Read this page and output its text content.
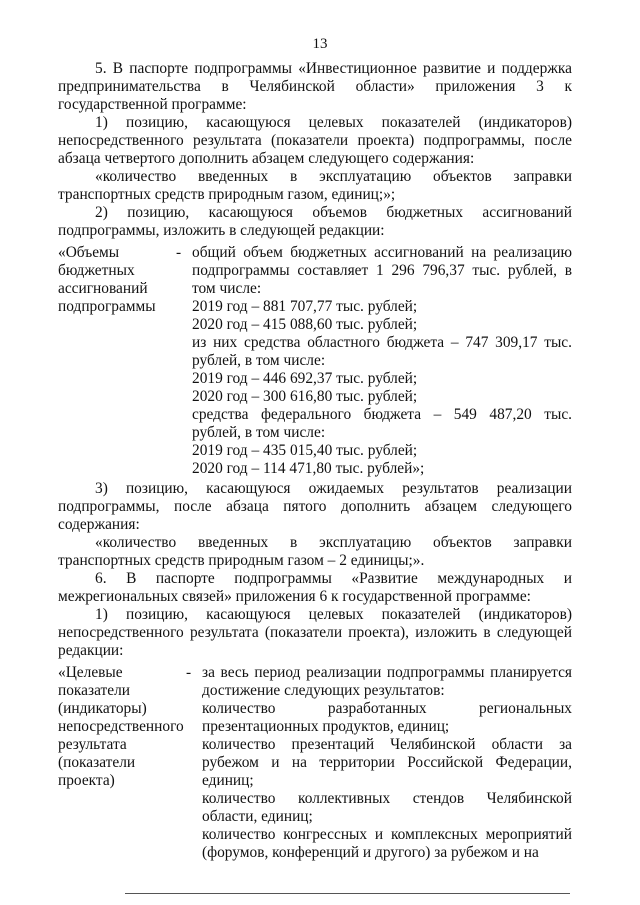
13

5. В паспорте подпрограммы «Инвестиционное развитие и поддержка предпринимательства в Челябинской области» приложения 3 к государственной программе:

1) позицию, касающуюся целевых показателей (индикаторов) непосредственного результата (показатели проекта) подпрограммы, после абзаца четвертого дополнить абзацем следующего содержания:

«количество введенных в эксплуатацию объектов заправки транспортных средств природным газом, единиц;»;

2) позицию, касающуюся объемов бюджетных ассигнований подпрограммы, изложить в следующей редакции:

«Объемы бюджетных ассигнований подпрограммы
- общий объем бюджетных ассигнований на реализацию подпрограммы составляет 1 296 796,37 тыс. рублей, в том числе:
2019 год – 881 707,77 тыс. рублей;
2020 год – 415 088,60 тыс. рублей;
из них средства областного бюджета – 747 309,17 тыс. рублей, в том числе:
2019 год – 446 692,37 тыс. рублей;
2020 год – 300 616,80 тыс. рублей;
средства федерального бюджета – 549 487,20 тыс. рублей, в том числе:
2019 год – 435 015,40 тыс. рублей;
2020 год – 114 471,80 тыс. рублей»;

3) позицию, касающуюся ожидаемых результатов реализации подпрограммы, после абзаца пятого дополнить абзацем следующего содержания:

«количество введенных в эксплуатацию объектов заправки транспортных средств природным газом – 2 единицы;».

6. В паспорте подпрограммы «Развитие международных и межрегиональных связей» приложения 6 к государственной программе:

1) позицию, касающуюся целевых показателей (индикаторов) непосредственного результата (показатели проекта), изложить в следующей редакции:

«Целевые показатели (индикаторы) непосредственного результата (показатели проекта)
- за весь период реализации подпрограммы планируется достижение следующих результатов:
количество разработанных региональных презентационных продуктов, единиц;
количество презентаций Челябинской области за рубежом и на территории Российской Федерации, единиц;
количество коллективных стендов Челябинской области, единиц;
количество конгрессных и комплексных мероприятий (форумов, конференций и другого) за рубежом и на
